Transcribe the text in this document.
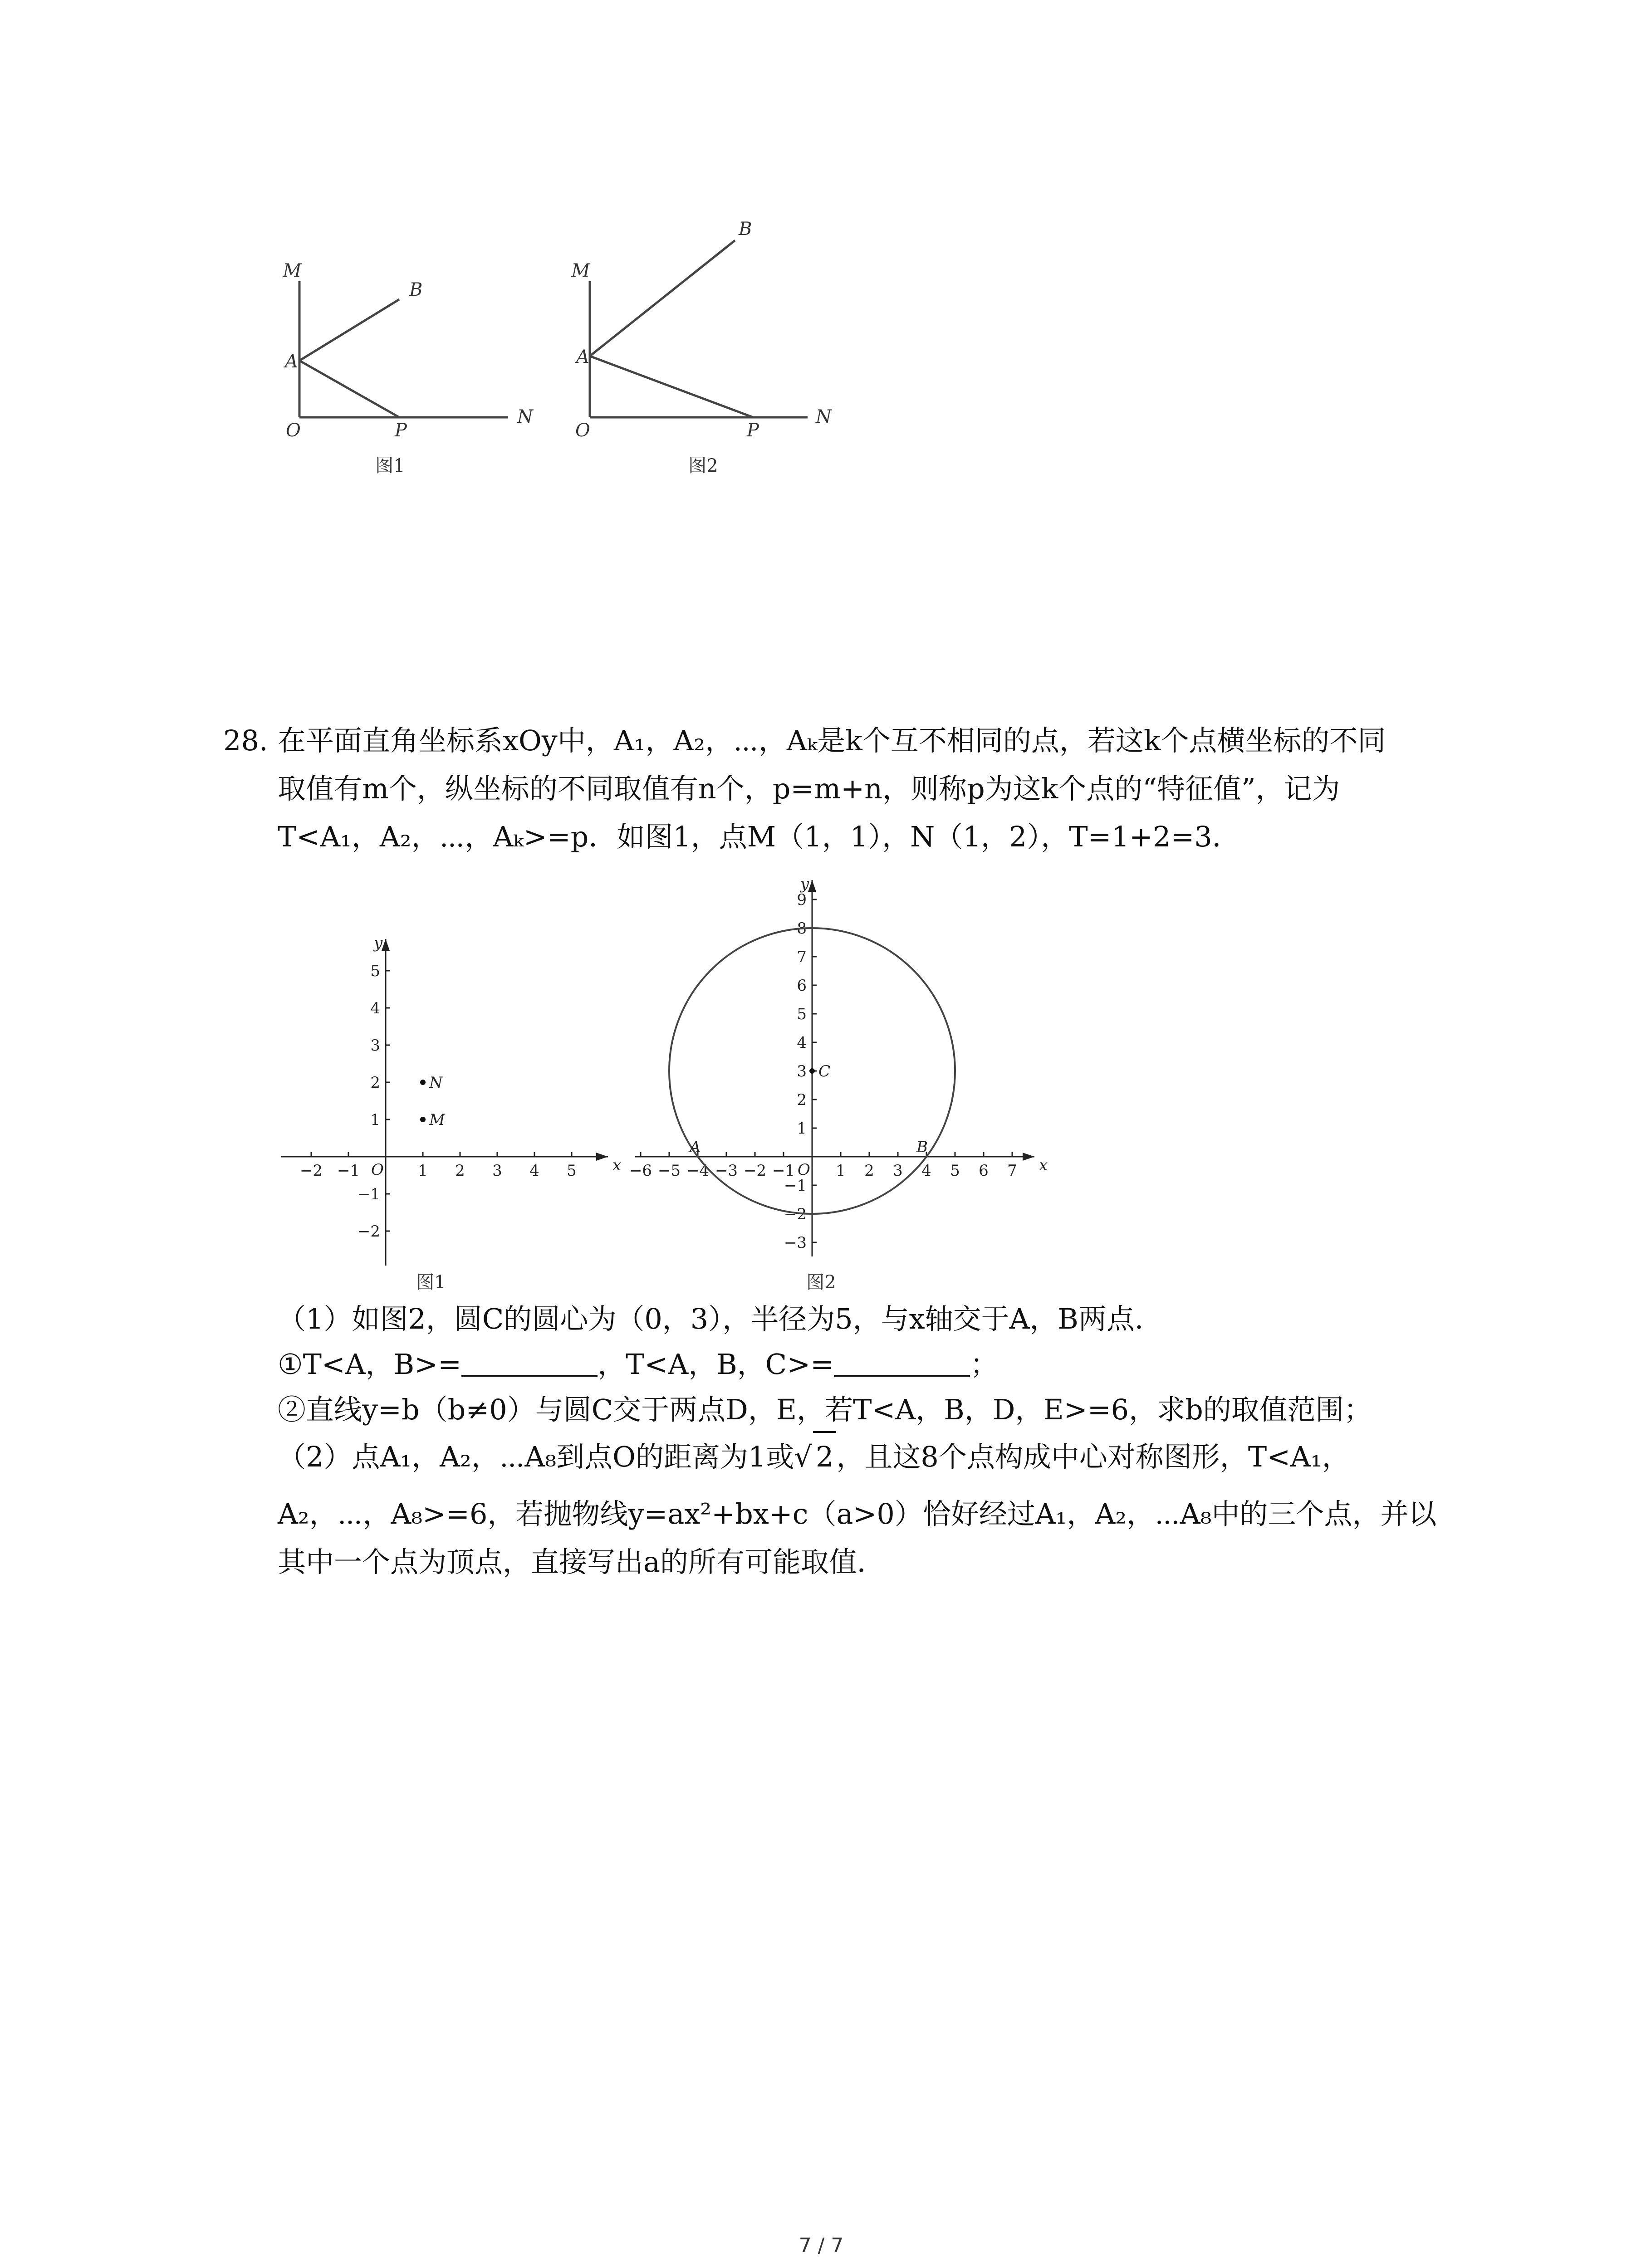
M
B
A
O	P
N
图1
M
B
A
O	P
N
图2
28. 在平面直角坐标系xOy中，A₁，A₂，⋯，Aₖ是k个互不相同的点，若这k个点横坐标的不同
取值有m个，纵坐标的不同取值有n个，p=m+n，则称p为这k个点的“特征值”，记为
T<A₁，A₂，⋯，Aₖ>=p．如图1，点M（1，1），N（1，2），T=1+2=3．
x
y
O
−2 −1	1 2 3 4 5
5
4
3
2
1
−1
−2
N
M
图1
x
y
O
−6 −5 −4 −3 −2 −1	1 2 3 4 5 6 7
9
8
7
6
5
4
3
2
1
−1
−2
−3
C
A	B
图2
（1）如图2，圆C的圆心为（0，3），半径为5，与x轴交于A，B两点．
①T<A，B>=	，T<A，B，C>=	；
②直线y=b（b≠0）与圆C交于两点D，E，若T<A，B，D，E>=6，求b的取值范围；
（2）点A₁，A₂，⋯A₈到点O的距离为1或√ 2，且这8个点构成中心对称图形，T<A₁，
A₂，⋯，A₈>=6，若抛物线y=ax²+bx+c（a>0）恰好经过A₁，A₂，⋯A₈中的三个点，并以
其中一个点为顶点，直接写出a的所有可能取值．
7 / 7
